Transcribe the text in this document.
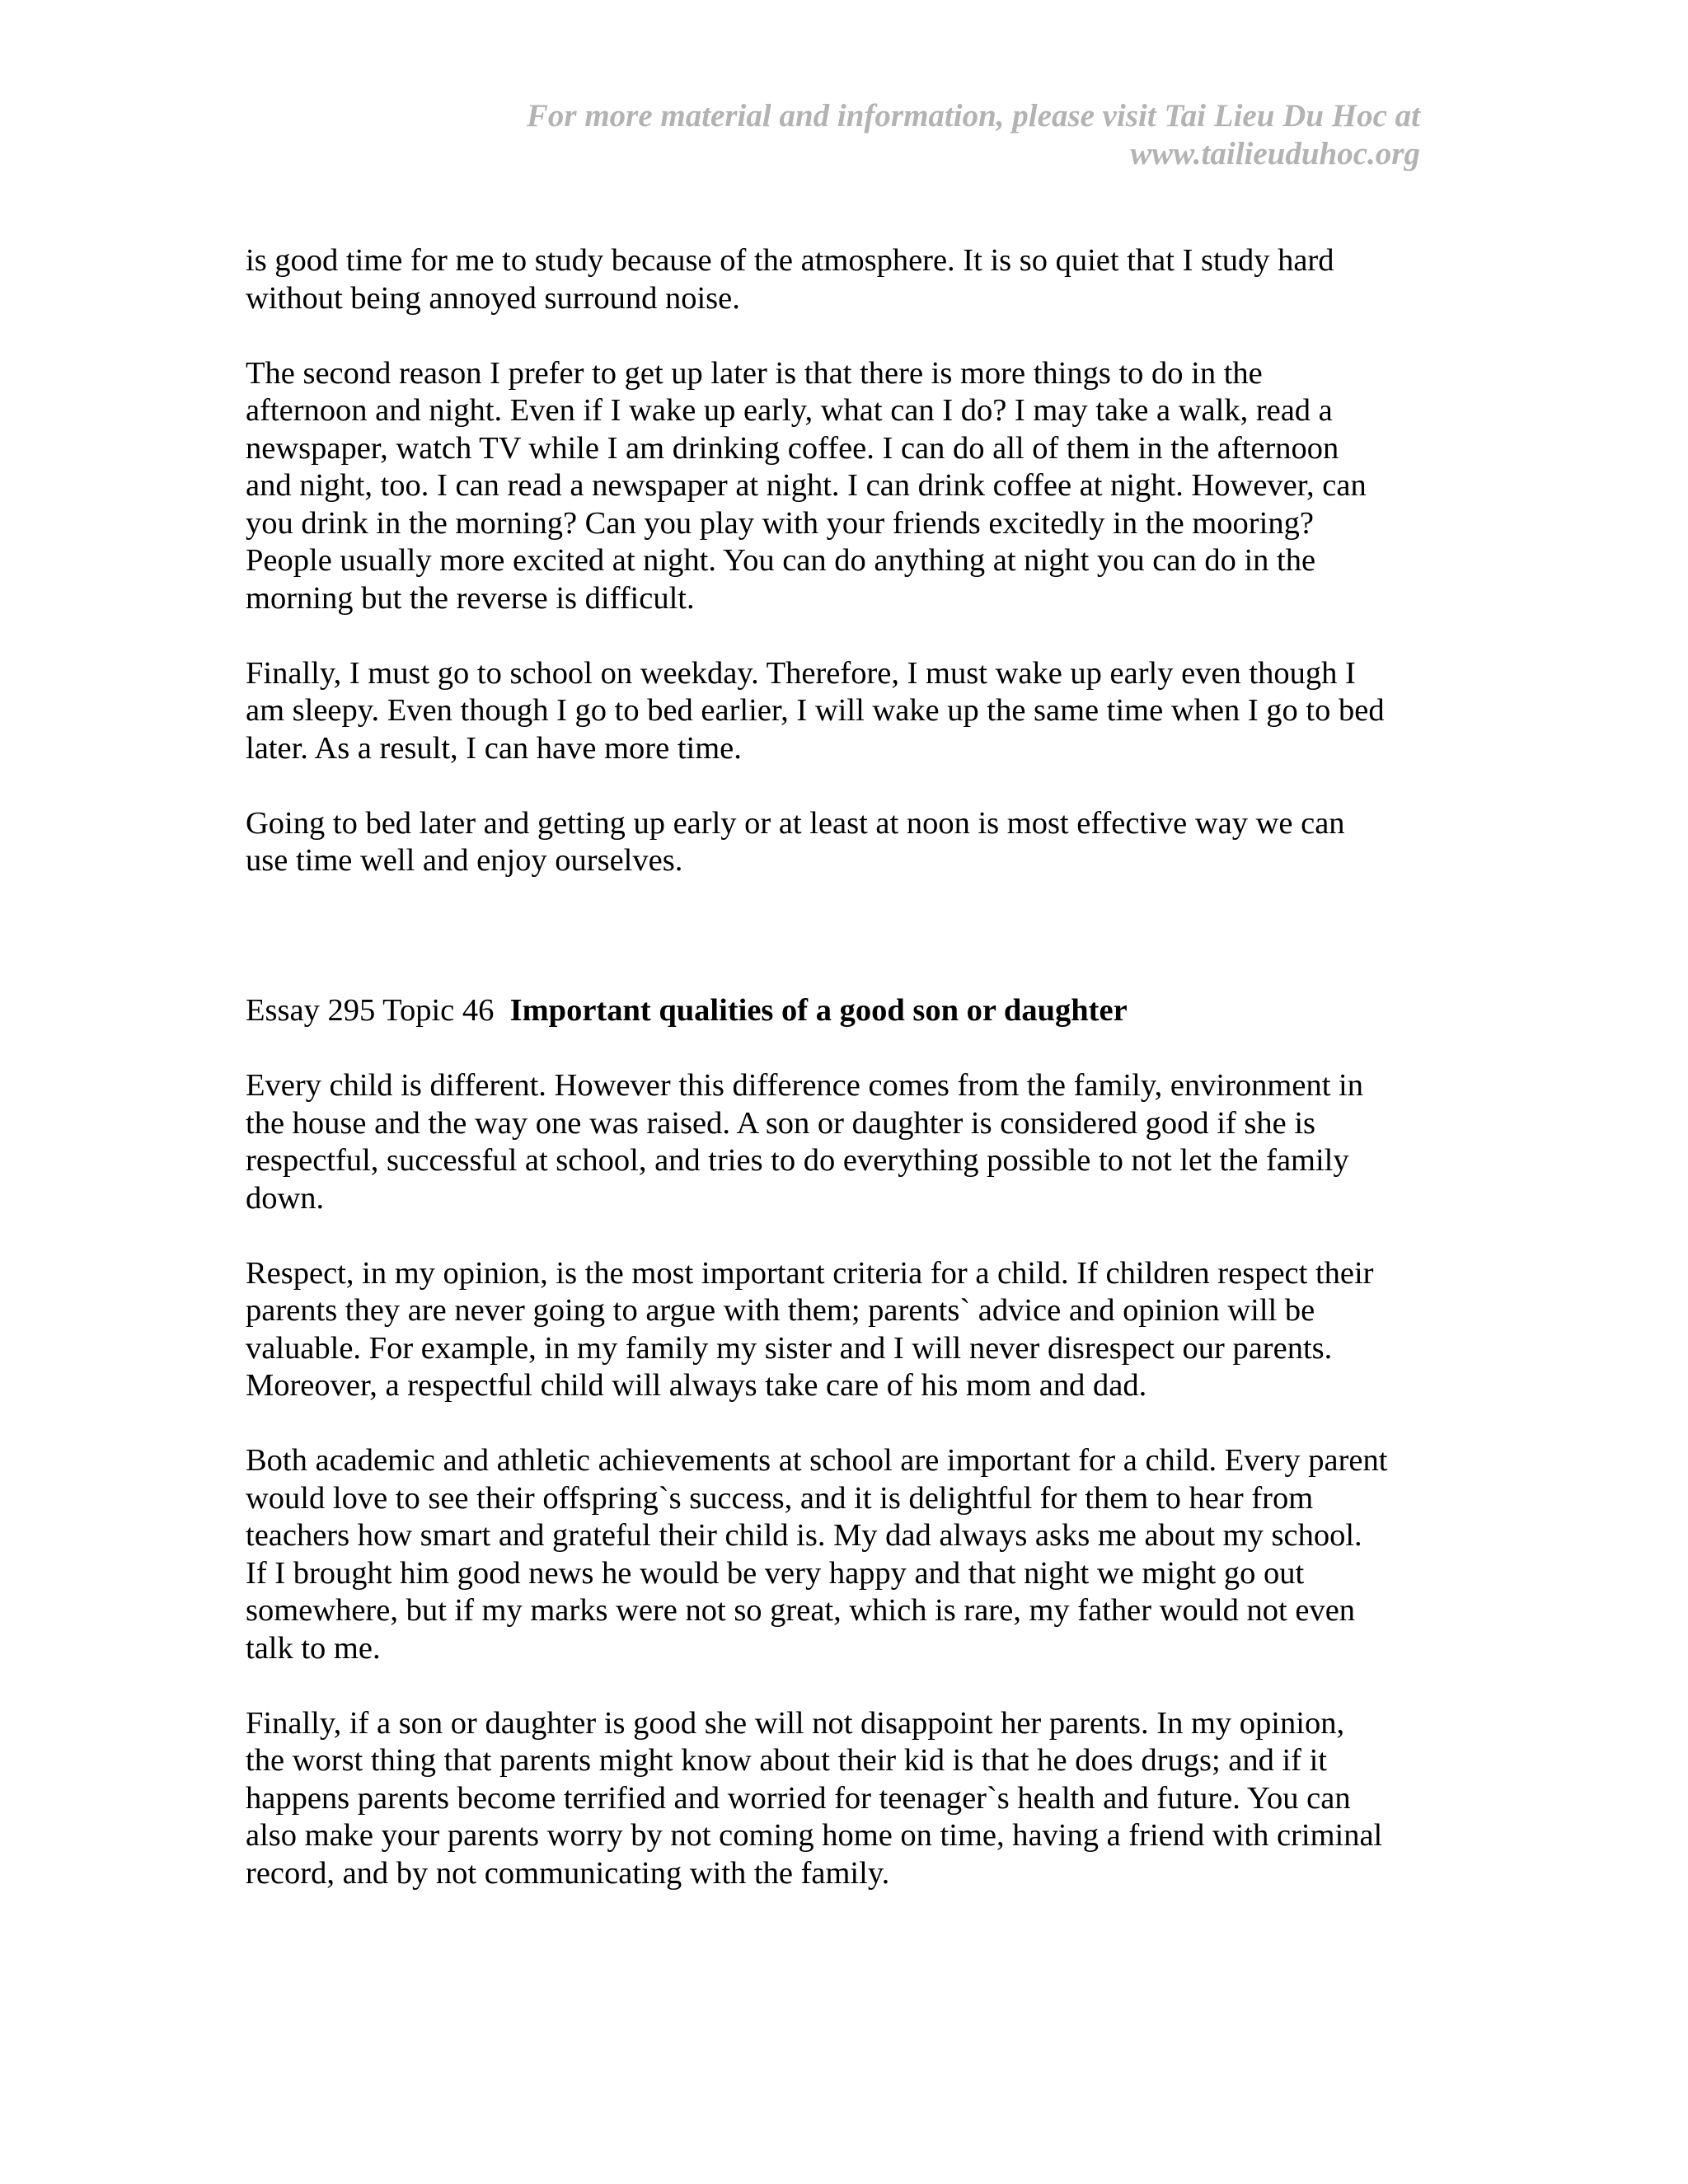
For more material and information, please visit Tai Lieu Du Hoc at
www.tailieuduhoc.org
is good time for me to study because of the atmosphere. It is so quiet that I study hard
without being annoyed surround noise.
The second reason I prefer to get up later is that there is more things to do in the
afternoon and night. Even if I wake up early, what can I do? I may take a walk, read a
newspaper, watch TV while I am drinking coffee. I can do all of them in the afternoon
and night, too. I can read a newspaper at night. I can drink coffee at night. However, can
you drink in the morning? Can you play with your friends excitedly in the mooring?
People usually more excited at night. You can do anything at night you can do in the
morning but the reverse is difficult.
Finally, I must go to school on weekday. Therefore, I must wake up early even though I
am sleepy. Even though I go to bed earlier, I will wake up the same time when I go to bed
later. As a result, I can have more time.
Going to bed later and getting up early or at least at noon is most effective way we can
use time well and enjoy ourselves.
Essay 295 Topic 46 Important qualities of a good son or daughter
Every child is different. However this difference comes from the family, environment in
the house and the way one was raised. A son or daughter is considered good if she is
respectful, successful at school, and tries to do everything possible to not let the family
down.
Respect, in my opinion, is the most important criteria for a child. If children respect their
parents they are never going to argue with them; parents` advice and opinion will be
valuable. For example, in my family my sister and I will never disrespect our parents.
Moreover, a respectful child will always take care of his mom and dad.
Both academic and athletic achievements at school are important for a child. Every parent
would love to see their offspring`s success, and it is delightful for them to hear from
teachers how smart and grateful their child is. My dad always asks me about my school.
If I brought him good news he would be very happy and that night we might go out
somewhere, but if my marks were not so great, which is rare, my father would not even
talk to me.
Finally, if a son or daughter is good she will not disappoint her parents. In my opinion,
the worst thing that parents might know about their kid is that he does drugs; and if it
happens parents become terrified and worried for teenager`s health and future. You can
also make your parents worry by not coming home on time, having a friend with criminal
record, and by not communicating with the family.
